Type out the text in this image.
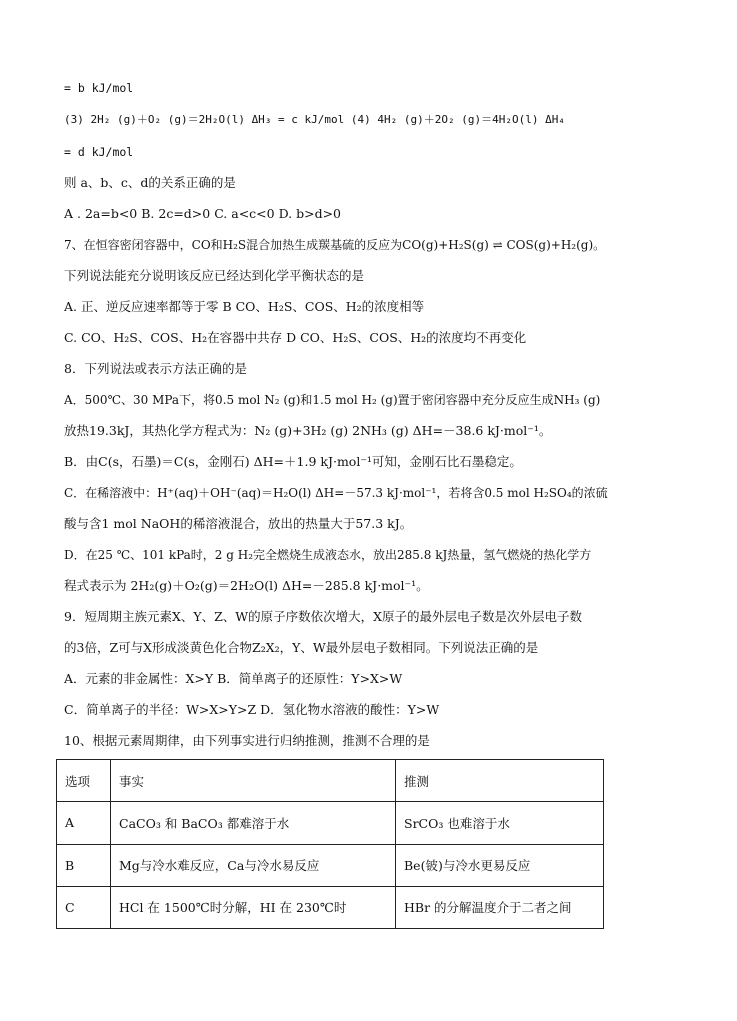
= b kJ/mol
(3) 2H₂ (g)＋O₂ (g)＝2H₂O(l) ΔH₃ = c kJ/mol (4) 4H₂ (g)＋2O₂ (g)＝4H₂O(l) ΔH₄
= d kJ/mol
则 a、b、c、d的关系正确的是
A . 2a=b<0 B. 2c=d>0 C. a<c<0 D. b>d>0
7、在恒容密闭容器中，CO和H₂S混合加热生成羰基硫的反应为CO(g)+H₂S(g) ⇌ COS(g)+H₂(g)。
下列说法能充分说明该反应已经达到化学平衡状态的是
A. 正、逆反应速率都等于零 B CO、H₂S、COS、H₂的浓度相等
C. CO、H₂S、COS、H₂在容器中共存 D CO、H₂S、COS、H₂的浓度均不再变化
8．下列说法或表示方法正确的是
A．500℃、30 MPa下，将0.5 mol N₂ (g)和1.5 mol H₂ (g)置于密闭容器中充分反应生成NH₃ (g)
放热19.3kJ，其热化学方程式为：N₂ (g)+3H₂ (g) 2NH₃ (g) ΔH=－38.6 kJ·mol⁻¹。
B．由C(s，石墨)＝C(s，金刚石) ΔH=＋1.9 kJ·mol⁻¹可知，金刚石比石墨稳定。
C．在稀溶液中：H⁺(aq)＋OH⁻(aq)＝H₂O(l) ΔH=－57.3 kJ·mol⁻¹，若将含0.5 mol H₂SO₄的浓硫
酸与含1 mol NaOH的稀溶液混合，放出的热量大于57.3 kJ。
D．在25 ℃、101 kPa时，2 g H₂完全燃烧生成液态水，放出285.8 kJ热量，氢气燃烧的热化学方
程式表示为 2H₂(g)＋O₂(g)＝2H₂O(l) ΔH=－285.8 kJ·mol⁻¹。
9．短周期主族元素X、Y、Z、W的原子序数依次增大，X原子的最外层电子数是次外层电子数
的3倍，Z可与X形成淡黄色化合物Z₂X₂，Y、W最外层电子数相同。下列说法正确的是
A．元素的非金属性：X>Y B．简单离子的还原性：Y>X>W
C．简单离子的半径：W>X>Y>Z D．氢化物水溶液的酸性：Y>W
10、根据元素周期律，由下列事实进行归纳推测，推测不合理的是
选项	事实	推测
A	CaCO₃ 和 BaCO₃ 都难溶于水	SrCO₃ 也难溶于水
B	Mg与冷水难反应，Ca与冷水易反应	Be(铍)与冷水更易反应
C	HCl 在 1500℃时分解，HI 在 230℃时	HBr 的分解温度介于二者之间
